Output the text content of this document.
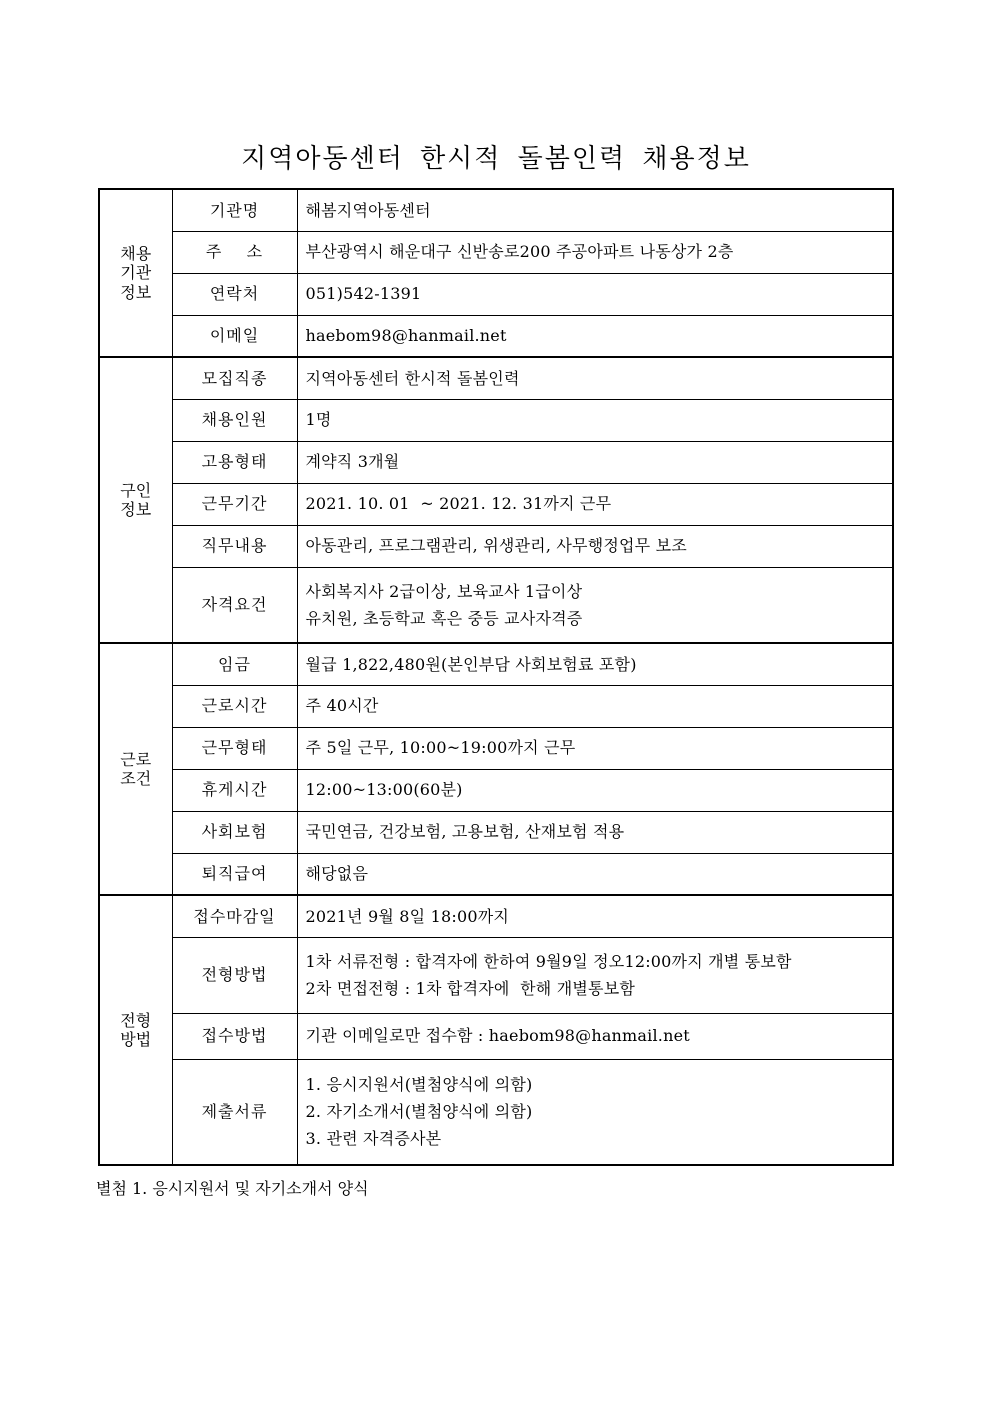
지역아동센터 한시적 돌봄인력 채용정보
채용
기관
정보	기관명	해봄지역아동센터

	주    소	부산광역시 해운대구 신반송로200 주공아파트 나동상가 2층

	연락처	051)542-1391

	이메일	haebom98@hanmail.net

구인
정보	모집직종	지역아동센터 한시적 돌봄인력

	채용인원	1명

	고용형태	계약직 3개월

	근무기간	2021. 10. 01  ~ 2021. 12. 31까지 근무

	직무내용	아동관리, 프로그램관리, 위생관리, 사무행정업무 보조

	자격요건	사회복지사 2급이상, 보육교사 1급이상
유치원, 초등학교 혹은 중등 교사자격증

근로
조건	임금	월급 1,822,480원(본인부담 사회보험료 포함)

	근로시간	주 40시간

	근무형태	주 5일 근무, 10:00~19:00까지 근무

	휴게시간	12:00~13:00(60분)

	사회보험	국민연금, 건강보험, 고용보험, 산재보험 적용

	퇴직급여	해당없음

전형
방법	접수마감일	2021년 9월 8일 18:00까지

	전형방법	1차 서류전형 : 합격자에 한하여 9월9일 정오12:00까지 개별 통보함
2차 면접전형 : 1차 합격자에  한해 개별통보함

	접수방법	기관 이메일로만 접수함 : haebom98@hanmail.net

	제출서류	1. 응시지원서(별첨양식에 의함)
2. 자기소개서(별첨양식에 의함)
3. 관련 자격증사본
별첨 1. 응시지원서 및 자기소개서 양식
